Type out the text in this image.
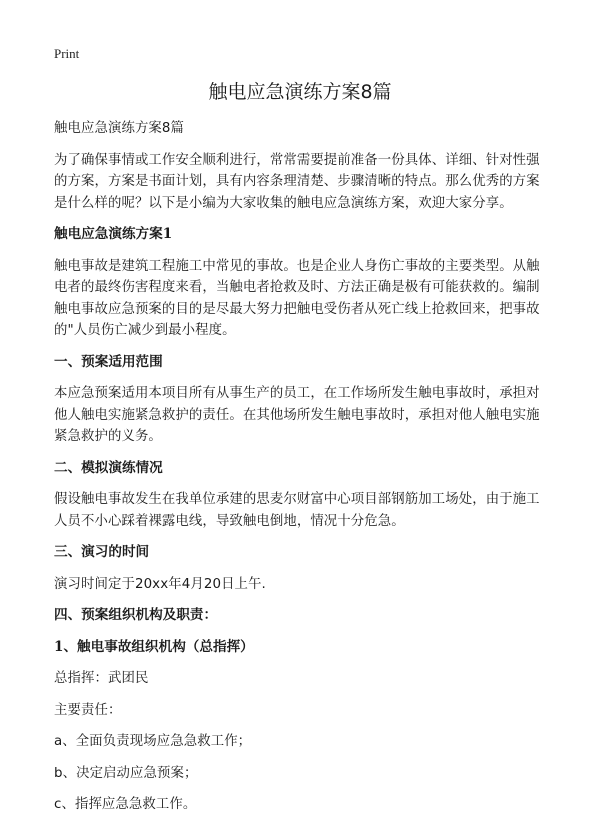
Print
触电应急演练方案8篇

触电应急演练方案8篇

为了确保事情或工作安全顺利进行，常常需要提前准备一份具体、详细、针对性强的方案，方案是书面计划，具有内容条理清楚、步骤清晰的特点。那么优秀的方案是什么样的呢？以下是小编为大家收集的触电应急演练方案，欢迎大家分享。

触电应急演练方案1

触电事故是建筑工程施工中常见的事故。也是企业人身伤亡事故的主要类型。从触电者的最终伤害程度来看，当触电者抢救及时、方法正确是极有可能获救的。编制触电事故应急预案的目的是尽最大努力把触电受伤者从死亡线上抢救回来，把事故的"人员伤亡减少到最小程度。

一、预案适用范围

本应急预案适用本项目所有从事生产的员工，在工作场所发生触电事故时，承担对他人触电实施紧急救护的责任。在其他场所发生触电事故时，承担对他人触电实施紧急救护的义务。

二、模拟演练情况

假设触电事故发生在我单位承建的思麦尔财富中心项目部钢筋加工场处，由于施工人员不小心踩着裸露电线，导致触电倒地，情况十分危急。

三、演习的时间

演习时间定于20xx年4月20日上午.

四、预案组织机构及职责：

1、触电事故组织机构（总指挥）

总指挥：武团民

主要责任：

a、全面负责现场应急急救工作；

b、决定启动应急预案；

c、指挥应急急救工作。
